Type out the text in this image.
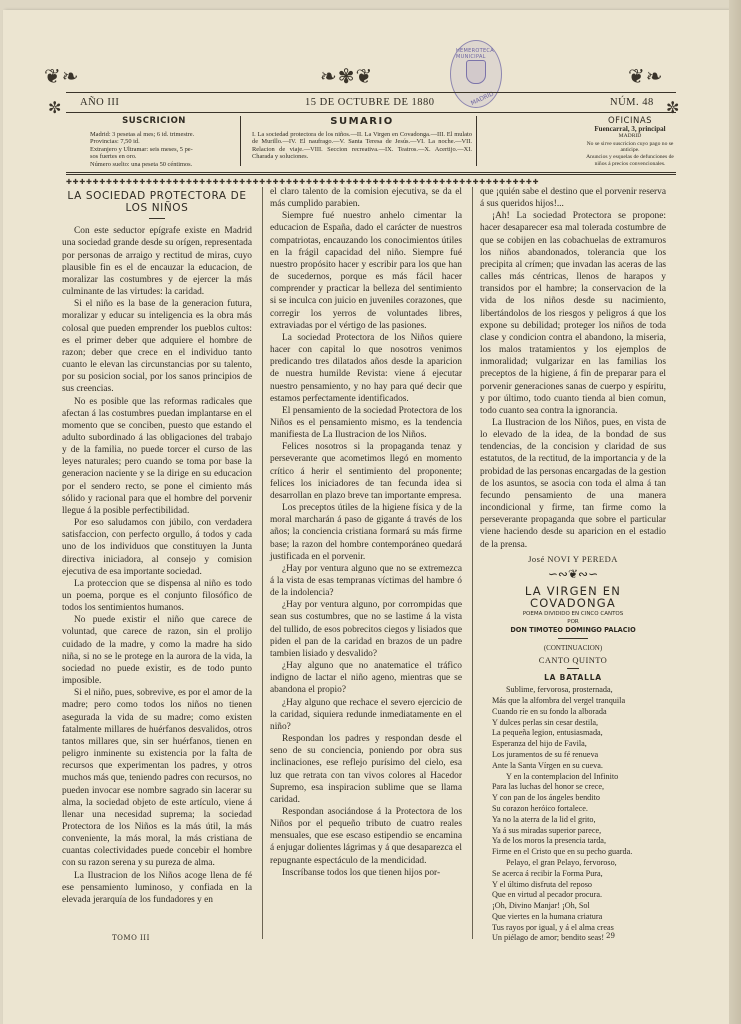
HEMEROTECA MUNICIPAL
MADRID
❦❧	❧✾❦	❦❧
✼	✼
AÑO III	15 DE OCTUBRE DE 1880	NÚM. 48
SUSCRICION
Madrid: 3 pesetas al mes; 6 id. trimestre.
Provincias: 7,50 id.
Extranjero y Ultramar: seis meses, 5 pe-
sos fuertes en oro.
Número suelto: una peseta 50 céntimos.
SUMARIO
I. La sociedad protectora de los niños.—II. La Virgen en Covadonga.—III. El mulato de Murillo.—IV. El naufrago.—V. Santa Teresa de Jesús.—VI. La noche.—VII. Relacion de viaje.—VIII. Seccion recreativa.—IX. Teatros.—X. Acertijo.—XI. Charada y soluciones.
OFICINAS
Fuencarral, 3, principal
MADRID
No se sirve suscricion cuyo pago no se anticipe.
Anuncios y esquelas de defunciones de niños á precios convencionales.
✚✚✚✚✚✚✚✚✚✚✚✚✚✚✚✚✚✚✚✚✚✚✚✚✚✚✚✚✚✚✚✚✚✚✚✚✚✚✚✚✚✚✚✚✚✚✚✚✚✚✚✚✚✚✚✚✚✚✚✚✚✚✚✚✚✚✚✚✚✚✚
LA SOCIEDAD PROTECTORA DE LOS NIÑOS

Con este seductor epígrafe existe en Madrid una sociedad grande desde su orígen, representada por personas de arraigo y rectitud de miras, cuyo plausible fin es el de encauzar la educacion, de moralizar las costumbres y de ejercer la más culminante de las virtudes: la caridad.

Si el niño es la base de la generacion futura, moralizar y educar su inteligencia es la obra más colosal que pueden emprender los pueblos cultos: es el primer deber que adquiere el hombre de razon; deber que crece en el individuo tanto cuanto le elevan las circunstancias por su talento, por su posicion social, por los sanos principios de sus creencias.

No es posible que las reformas radicales que afectan á las costumbres puedan implantarse en el momento que se conciben, puesto que estando el adulto subordinado á las obligaciones del trabajo y de la familia, no puede torcer el curso de las leyes naturales; pero cuando se toma por base la generacion naciente y se la dirige en su educacion por el sendero recto, se pone el cimiento más sólido y racional para que el hombre del porvenir llegue á la posible perfectibilidad.

Por eso saludamos con júbilo, con verdadera satisfaccion, con perfecto orgullo, á todos y cada uno de los individuos que constituyen la Junta directiva iniciadora, al consejo y comision ejecutiva de esa importante sociedad.

La proteccion que se dispensa al niño es todo un poema, porque es el conjunto filosófico de todos los sentimientos humanos.

No puede existir el niño que carece de voluntad, que carece de razon, sin el prolijo cuidado de la madre, y como la madre ha sido niña, si no se le protege en la aurora de la vida, la sociedad no puede existir, es de todo punto imposible.

Si el niño, pues, sobrevive, es por el amor de la madre; pero como todos los niños no tienen asegurada la vida de su madre; como existen fatalmente millares de huérfanos desvalidos, otros tantos millares que, sin ser huérfanos, tienen en peligro inminente su existencia por la falta de recursos que experimentan los padres, y otros muchos más que, teniendo padres con recursos, no pueden invocar ese nombre sagrado sin lacerar su alma, la sociedad objeto de este artículo, viene á llenar una necesidad suprema; la sociedad Protectora de los Niños es la más útil, la más conveniente, la más moral, la más cristiana de cuantas colectividades puede concebir el hombre con su razon serena y su pureza de alma.

La Ilustracion de los Niños acoge llena de fé ese pensamiento luminoso, y confiada en la elevada jerarquía de los fundadores y en

el claro talento de la comision ejecutiva, se da el más cumplido parabien.

Siempre fué nuestro anhelo cimentar la educacion de España, dado el carácter de nuestros compatriotas, encauzando los conocimientos útiles en la frágil capacidad del niño. Siempre fué nuestro propósito hacer y escribir para los que han de sucedernos, porque es más fácil hacer comprender y practicar la belleza del sentimiento si se inculca con juicio en juveniles corazones, que corregir los yerros de voluntades libres, extraviadas por el vértigo de las pasiones.

La sociedad Protectora de los Niños quiere hacer con capital lo que nosotros venimos predicando tres dilatados años desde la aparicion de nuestra humilde Revista: viene á ejecutar nuestro pensamiento, y no hay para qué decir que estamos perfectamente identificados.

El pensamiento de la sociedad Protectora de los Niños es el pensamiento mismo, es la tendencia manifiesta de La Ilustracion de los Niños.

Felices nosotros si la propaganda tenaz y perseverante que acometimos llegó en momento crítico á herir el sentimiento del proponente; felices los iniciadores de tan fecunda idea si desarrollan en plazo breve tan importante empresa.

Los preceptos útiles de la higiene física y de la moral marcharán á paso de gigante á través de los años; la conciencia cristiana formará su más firme base; la razon del hombre contemporáneo quedará justificada en el porvenir.

¿Hay por ventura alguno que no se extremezca á la vista de esas tempranas víctimas del hambre ó de la indolencia?

¿Hay por ventura alguno, por corrompidas que sean sus costumbres, que no se lastime á la vista del tullido, de esos pobrecitos ciegos y lisiados que piden el pan de la caridad en brazos de un padre tambien lisiado y desvalido?

¿Hay alguno que no anatematice el tráfico indigno de lactar el niño ageno, mientras que se abandona el propio?

¿Hay alguno que rechace el severo ejercicio de la caridad, siquiera redunde inmediatamente en el niño?

Respondan los padres y respondan desde el seno de su conciencia, poniendo por obra sus inclinaciones, ese reflejo purísimo del cielo, esa luz que retrata con tan vivos colores al Hacedor Supremo, esa inspiracion sublime que se llama caridad.

Respondan asociándose á la Protectora de los Niños por el pequeño tributo de cuatro reales mensuales, que ese escaso estipendio se encamina á enjugar dolientes lágrimas y á que desaparezca el repugnante espectáculo de la mendicidad.

Inscríbanse todos los que tienen hijos por-

que ¡quién sabe el destino que el porvenir reserva á sus queridos hijos!...

¡Ah! La sociedad Protectora se propone: hacer desaparecer esa mal tolerada costumbre de que se cobijen en las cobachuelas de extramuros los niños abandonados, tolerancia que los precipita al crímen; que invadan las aceras de las calles más céntricas, llenos de harapos y transidos por el hambre; la conservacion de la vida de los niños desde su nacimiento, libertándolos de los riesgos y peligros á que los expone su debilidad; proteger los niños de toda clase y condicion contra el abandono, la miseria, los malos tratamientos y los ejemplos de inmoralidad; vulgarizar en las familias los preceptos de la higiene, á fin de preparar para el porvenir generaciones sanas de cuerpo y espíritu, y por último, todo cuanto tienda al bien comun, todo cuanto sea contra la ignorancia.

La Ilustracion de los Niños, pues, en vista de lo elevado de la idea, de la bondad de sus tendencias, de la concision y claridad de sus estatutos, de la rectitud, de la importancia y de la probidad de las personas encargadas de la gestion de los asuntos, se asocia con toda el alma á tan fecundo pensamiento de una manera incondicional y firme, tan firme como la perseverante propaganda que sobre el particular viene haciendo desde su aparicion en el estadio de la prensa.

José NOVI Y PEREDA

∽∾❦∾∽
LA VIRGEN EN COVADONGA
POEMA DIVIDIDO EN CINCO CANTOS
POR
DON TIMOTEO DOMINGO PALACIO
(CONTINUACION)
CANTO QUINTO
LA BATALLA

Sublime, fervorosa, prosternada,

Más que la alfombra del vergel tranquila

Cuando ríe en su fondo la alborada

Y dulces perlas sin cesar destila,

La pequeña legion, entusiasmada,

Esperanza del hijo de Favila,

Los juramentos de su fé renueva

Ante la Santa Vírgen en su cueva.

Y en la contemplacion del Infinito

Para las luchas del honor se crece,

Y con pan de los ángeles bendito

Su corazon heróico fortalece.

Ya no la aterra de la lid el grito,

Ya á sus miradas superior parece,

Ya de los moros la presencia tarda,

Firme en el Cristo que en su pecho guarda.

Pelayo, el gran Pelayo, fervoroso,

Se acerca á recibir la Forma Pura,

Y el último disfruta del reposo

Que en virtud al pecador procura.

¡Oh, Divino Manjar! ¡Oh, Sol

Que viertes en la humana criatura

Tus rayos por igual, y á el alma creas

Un piélago de amor; bendito seas!

TOMO III	29
